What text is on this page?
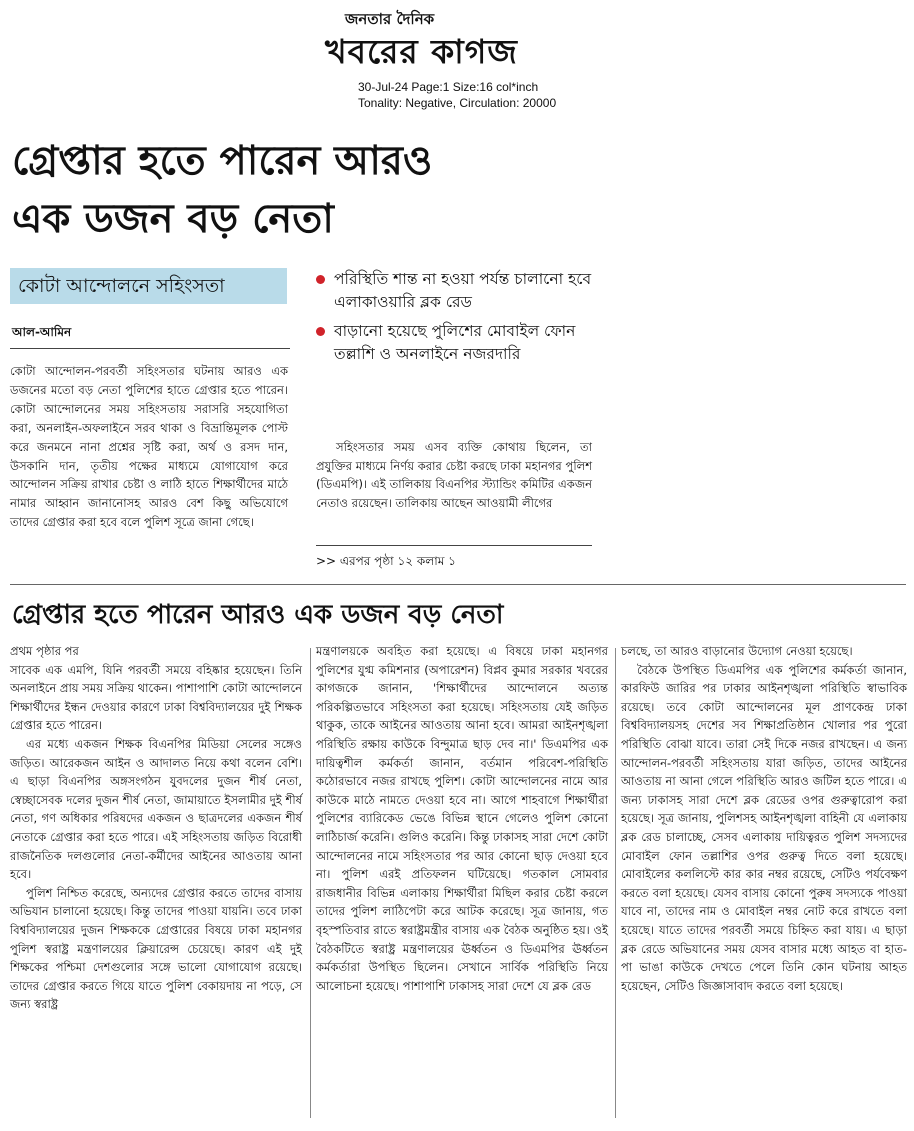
জনতার দৈনিক
খবরের কাগজ
30-Jul-24 Page:1 Size:16 col*inch
Tonality: Negative, Circulation: 20000
গ্রেপ্তার হতে পারেন আরও
এক ডজন বড় নেতা
কোটা আন্দোলনে সহিংসতা
আল-আমিন
কোটা আন্দোলন-পরবর্তী সহিংসতার ঘটনায় আরও এক ডজনের মতো বড় নেতা পুলিশের হাতে গ্রেপ্তার হতে পারেন। কোটা আন্দোলনের সময় সহিংসতায় সরাসরি সহযোগিতা করা, অনলাইন-অফলাইনে সরব থাকা ও বিভ্রান্তিমূলক পোস্ট করে জনমনে নানা প্রশ্নের সৃষ্টি করা, অর্থ ও রসদ দান, উসকানি দান, তৃতীয় পক্ষের মাধ্যমে যোগাযোগ করে আন্দোলন সক্রিয় রাখার চেষ্টা ও লাঠি হাতে শিক্ষার্থীদের মাঠে নামার আহ্বান জানানোসহ আরও বেশ কিছু অভিযোগে তাদের গ্রেপ্তার করা হবে বলে পুলিশ সূত্রে জানা গেছে।
পরিস্থিতি শান্ত না হওয়া পর্যন্ত চালানো হবে এলাকাওয়ারি ব্লক রেড
বাড়ানো হয়েছে পুলিশের মোবাইল ফোন তল্লাশি ও অনলাইনে নজরদারি
সহিংসতার সময় এসব ব্যক্তি কোথায় ছিলেন, তা প্রযুক্তির মাধ্যমে নির্ণয় করার চেষ্টা করছে ঢাকা মহানগর পুলিশ (ডিএমপি)। এই তালিকায় বিএনপির স্ট্যান্ডিং কমিটির একজন নেতাও রয়েছেন। তালিকায় আছেন আওয়ামী লীগের
>> এরপর পৃষ্ঠা ১২ কলাম ১
গ্রেপ্তার হতে পারেন আরও এক ডজন বড় নেতা

প্রথম পৃষ্ঠার পর

সাবেক এক এমপি, যিনি পরবর্তী সময়ে বহিষ্কার হয়েছেন। তিনি অনলাইনে প্রায় সময় সক্রিয় থাকেন। পাশাপাশি কোটা আন্দোলনে শিক্ষার্থীদের ইন্ধন দেওয়ার কারণে ঢাকা বিশ্ববিদ্যালয়ের দুই শিক্ষক গ্রেপ্তার হতে পারেন।

এর মধ্যে একজন শিক্ষক বিএনপির মিডিয়া সেলের সঙ্গেও জড়িত। আরেকজন আইন ও আদালত নিয়ে কথা বলেন বেশি। এ ছাড়া বিএনপির অঙ্গসংগঠন যুবদলের দুজন শীর্ষ নেতা, স্বেচ্ছাসেবক দলের দুজন শীর্ষ নেতা, জামায়াতে ইসলামীর দুই শীর্ষ নেতা, গণ অধিকার পরিষদের একজন ও ছাত্রদলের একজন শীর্ষ নেতাকে গ্রেপ্তার করা হতে পারে। এই সহিংসতায় জড়িত বিরোধী রাজনৈতিক দলগুলোর নেতা-কর্মীদের আইনের আওতায় আনা হবে।

পুলিশ নিশ্চিত করেছে, অন্যদের গ্রেপ্তার করতে তাদের বাসায় অভিযান চালানো হয়েছে। কিন্তু তাদের পাওয়া যায়নি। তবে ঢাকা বিশ্ববিদ্যালয়ের দুজন শিক্ষককে গ্রেপ্তারের বিষয়ে ঢাকা মহানগর পুলিশ স্বরাষ্ট্র মন্ত্রণালয়ের ক্লিয়ারেন্স চেয়েছে। কারণ এই দুই শিক্ষকের পশ্চিমা দেশগুলোর সঙ্গে ভালো যোগাযোগ রয়েছে। তাদের গ্রেপ্তার করতে গিয়ে যাতে পুলিশ বেকায়দায় না পড়ে, সে জন্য স্বরাষ্ট্র

মন্ত্রণালয়কে অবহিত করা হয়েছে। এ বিষয়ে ঢাকা মহানগর পুলিশের যুগ্ম কমিশনার (অপারেশন) বিপ্লব কুমার সরকার খবরের কাগজকে জানান, 'শিক্ষার্থীদের আন্দোলনে অত্যন্ত পরিকল্পিতভাবে সহিংসতা করা হয়েছে। সহিংসতায় যেই জড়িত থাকুক, তাকে আইনের আওতায় আনা হবে। আমরা আইনশৃঙ্খলা পরিস্থিতি রক্ষায় কাউকে বিন্দুমাত্র ছাড় দেব না।' ডিএমপির এক দায়িত্বশীল কর্মকর্তা জানান, বর্তমান পরিবেশ-পরিস্থিতি কঠোরভাবে নজর রাখছে পুলিশ। কোটা আন্দোলনের নামে আর কাউকে মাঠে নামতে দেওয়া হবে না। আগে শাহবাগে শিক্ষার্থীরা পুলিশের ব্যারিকেড ভেঙে বিভিন্ন স্থানে গেলেও পুলিশ কোনো লাঠিচার্জ করেনি। গুলিও করেনি। কিন্তু ঢাকাসহ সারা দেশে কোটা আন্দোলনের নামে সহিংসতার পর আর কোনো ছাড় দেওয়া হবে না। পুলিশ এরই প্রতিফলন ঘটিয়েছে। গতকাল সোমবার রাজধানীর বিভিন্ন এলাকায় শিক্ষার্থীরা মিছিল করার চেষ্টা করলে তাদের পুলিশ লাঠিপেটা করে আটক করেছে। সূত্র জানায়, গত বৃহস্পতিবার রাতে স্বরাষ্ট্রমন্ত্রীর বাসায় এক বৈঠক অনুষ্ঠিত হয়। ওই বৈঠকটিতে স্বরাষ্ট্র মন্ত্রণালয়ের ঊর্ধ্বতন ও ডিএমপির ঊর্ধ্বতন কর্মকর্তারা উপস্থিত ছিলেন। সেখানে সার্বিক পরিস্থিতি নিয়ে আলোচনা হয়েছে। পাশাপাশি ঢাকাসহ সারা দেশে যে ব্লক রেড

চলছে, তা আরও বাড়ানোর উদ্যোগ নেওয়া হয়েছে।

বৈঠকে উপস্থিত ডিএমপির এক পুলিশের কর্মকর্তা জানান, কারফিউ জারির পর ঢাকার আইনশৃঙ্খলা পরিস্থিতি স্বাভাবিক রয়েছে। তবে কোটা আন্দোলনের মূল প্রাণকেন্দ্র ঢাকা বিশ্ববিদ্যালয়সহ দেশের সব শিক্ষাপ্রতিষ্ঠান খোলার পর পুরো পরিস্থিতি বোঝা যাবে। তারা সেই দিকে নজর রাখছেন। এ জন্য আন্দোলন-পরবর্তী সহিংসতায় যারা জড়িত, তাদের আইনের আওতায় না আনা গেলে পরিস্থিতি আরও জটিল হতে পারে। এ জন্য ঢাকাসহ সারা দেশে ব্লক রেডের ওপর গুরুত্বারোপ করা হয়েছে। সূত্র জানায়, পুলিশসহ আইনশৃঙ্খলা বাহিনী যে এলাকায় ব্লক রেড চালাচ্ছে, সেসব এলাকায় দায়িত্বরত পুলিশ সদস্যদের মোবাইল ফোন তল্লাশির ওপর গুরুত্ব দিতে বলা হয়েছে। মোবাইলের কললিস্টে কার কার নম্বর রয়েছে, সেটিও পর্যবেক্ষণ করতে বলা হয়েছে। যেসব বাসায় কোনো পুরুষ সদস্যকে পাওয়া যাবে না, তাদের নাম ও মোবাইল নম্বর নোট করে রাখতে বলা হয়েছে। যাতে তাদের পরবর্তী সময়ে চিহ্নিত করা যায়। এ ছাড়া ব্লক রেডে অভিযানের সময় যেসব বাসার মধ্যে আহত বা হাত-পা ভাঙা কাউকে দেখতে পেলে তিনি কোন ঘটনায় আহত হয়েছেন, সেটিও জিজ্ঞাসাবাদ করতে বলা হয়েছে।
